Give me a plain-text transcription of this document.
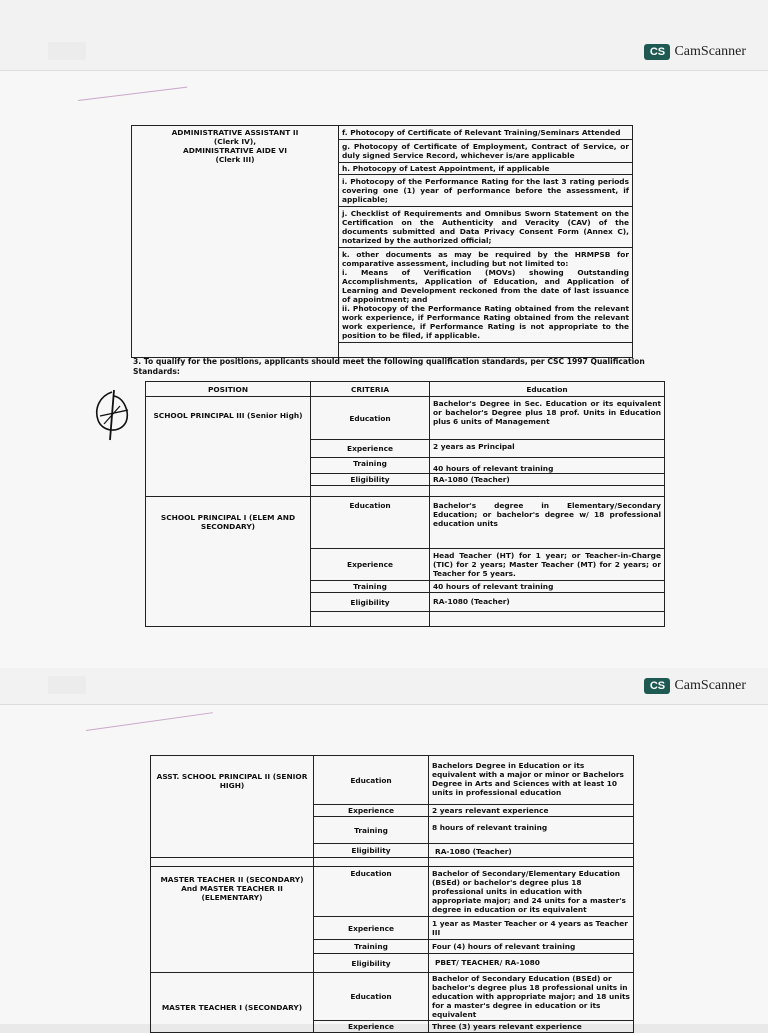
CS CamScanner
ADMINISTRATIVE ASSISTANT II
(Clerk IV),
ADMINISTRATIVE AIDE VI
(Clerk III)
	f. Photocopy of Certificate of Relevant Training/Seminars Attended
g. Photocopy of Certificate of Employment, Contract of Service, or duly signed Service Record, whichever is/are applicable
h. Photocopy of Latest Appointment, if applicable
i. Photocopy of the Performance Rating for the last 3 rating periods covering one (1) year of performance before the assessment, if applicable;
j. Checklist of Requirements and Omnibus Sworn Statement on the Certification on the Authenticity and Veracity (CAV) of the documents submitted and Data Privacy Consent Form (Annex C), notarized by the authorized official;
k. other documents as may be required by the HRMPSB for comparative assessment, including but not limited to:
i. Means of Verification (MOVs) showing Outstanding Accomplishments, Application of Education, and Application of Learning and Development reckoned from the date of last issuance of appointment; and
ii. Photocopy of the Performance Rating obtained from the relevant work experience, if Performance Rating obtained from the relevant work experience, if Performance Rating is not appropriate to the position to be filed, if applicable.

3. To qualify for the positions, applicants should meet the following qualification standards, per CSC 1997 Qualification Standards:
POSITION	CRITERIA	Education
SCHOOL PRINCIPAL III (Senior High)	Education	Bachelor's Degree in Sec. Education or its equivalent or bachelor's Degree plus 18 prof. Units in Education plus 6 units of Management
	Experience	2 years as Principal
	Training	40 hours of relevant training
	Eligibility	RA-1080 (Teacher)

SCHOOL PRINCIPAL I (ELEM AND SECONDARY)	Education	Bachelor's degree in Elementary/Secondary Education; or bachelor's degree w/ 18 professional education units
	Experience	Head Teacher (HT) for 1 year; or Teacher-in-Charge (TIC) for 2 years; Master Teacher (MT) for 2 years; or Teacher for 5 years.
	Training	40 hours of relevant training
	Eligibility	RA-1080 (Teacher)

CS CamScanner
ASST. SCHOOL PRINCIPAL II (SENIOR HIGH)	Education	Bachelors Degree in Education or its equivalent with a major or minor or Bachelors Degree in Arts and Sciences with at least 10 units in professional education
	Experience	2 years relevant experience
	Training	8 hours of relevant training
	Eligibility	RA-1080 (Teacher)

MASTER TEACHER II (SECONDARY) And MASTER TEACHER II (ELEMENTARY)	Education	Bachelor of Secondary/Elementary Education (BSEd) or bachelor's degree plus 18 professional units in education with appropriate major; and 24 units for a master's degree in education or its equivalent
	Experience	1 year as Master Teacher or 4 years as Teacher III
	Training	Four (4) hours of relevant training
	Eligibility	PBET/ TEACHER/ RA-1080
MASTER TEACHER I (SECONDARY)	Education	Bachelor of Secondary Education (BSEd) or bachelor's degree plus 18 professional units in education with appropriate major; and 18 units for a master's degree in education or its equivalent
	Experience	Three (3) years relevant experience
